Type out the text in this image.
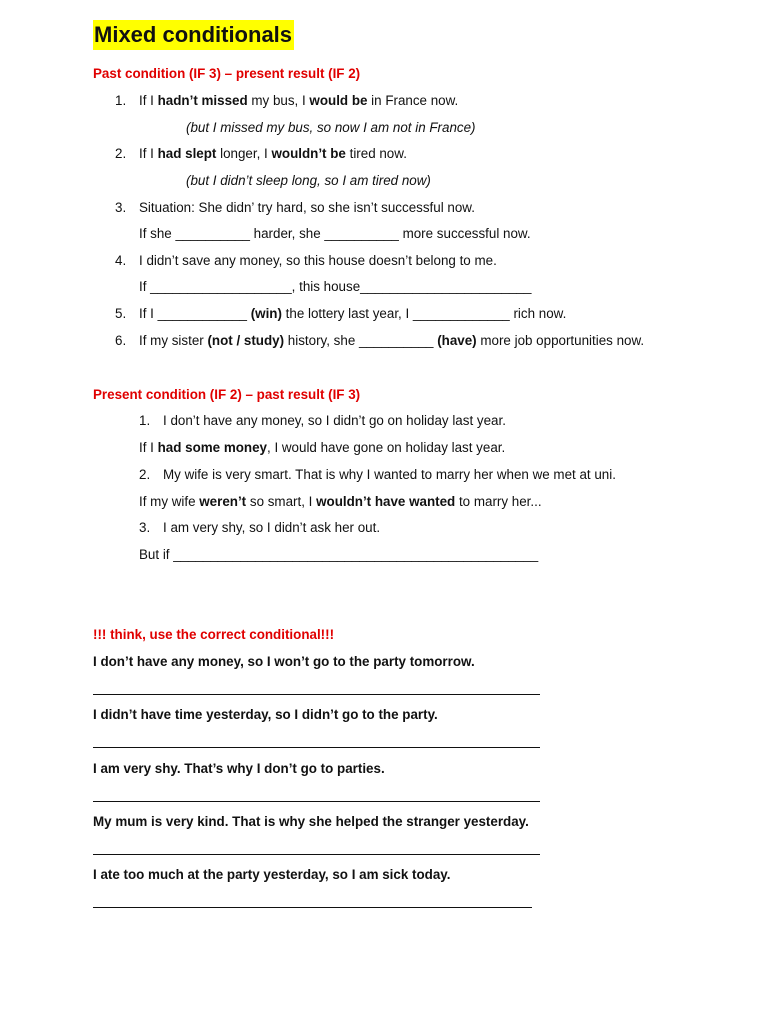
Mixed conditionals
Past condition (IF 3) – present result (IF 2)
1. If I hadn’t missed my bus, I would be in France now.
(but I missed my bus, so now I am not in France)
2. If I had slept longer, I wouldn’t be tired now.
(but I didn’t sleep long, so I am tired now)
3. Situation: She didn’ try hard, so she isn’t successful now.
If she __________ harder, she __________ more successful now.
4. I didn’t save any money, so this house doesn’t belong to me.
If ___________________, this house_______________________
5. If I ____________ (win) the lottery last year, I _____________ rich now.
6. If my sister (not / study) history, she __________ (have) more job opportunities now.
Present condition (IF 2) – past result (IF 3)
1. I don’t have any money, so I didn’t go on holiday last year.
If I had some money, I would have gone on holiday last year.
2. My wife is very smart. That is why I wanted to marry her when we met at uni.
If my wife weren’t so smart, I wouldn’t have wanted to marry her...
3. I am very shy, so I didn’t ask her out.
But if _________________________________________________
!!! think, use the correct conditional!!!
I don’t have any money, so I won’t go to the party tomorrow.
I didn’t have time yesterday, so I didn’t go to the party.
I am very shy. That’s why I don’t go to parties.
My mum is very kind. That is why she helped the stranger yesterday.
I ate too much at the party yesterday, so I am sick today.
